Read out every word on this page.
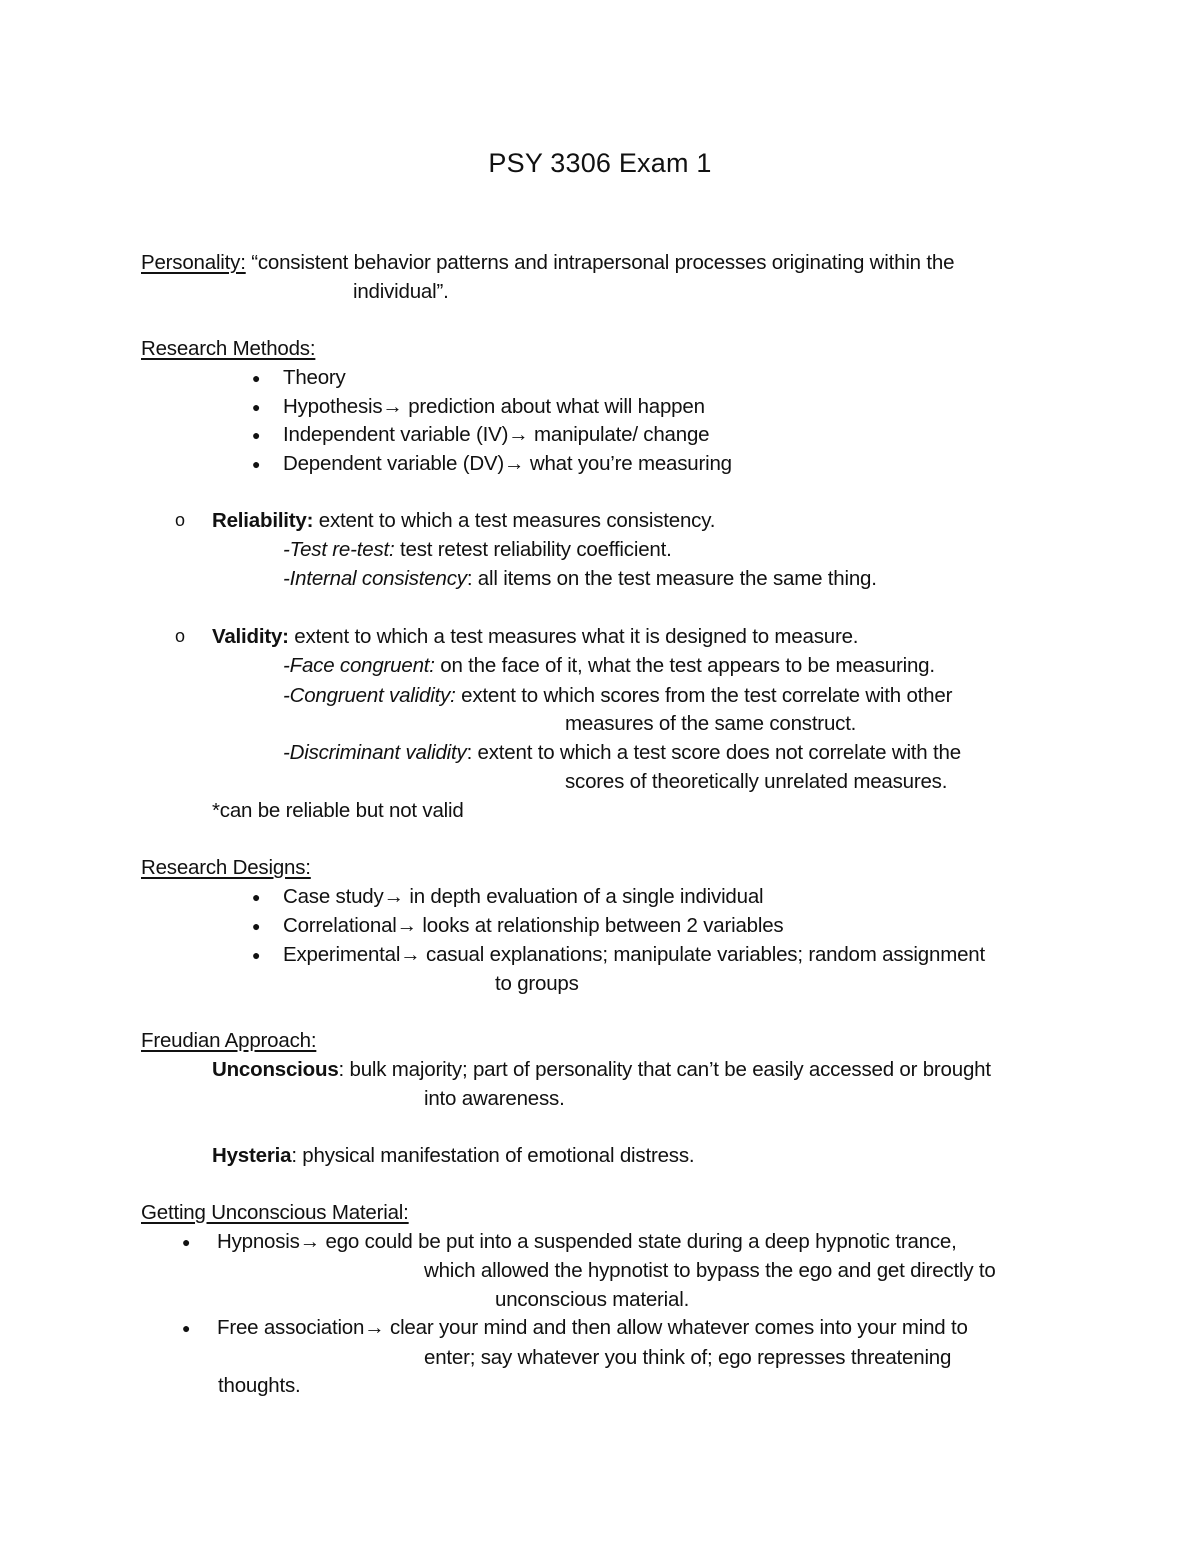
PSY 3306 Exam 1
Personality: “consistent behavior patterns and intrapersonal processes originating within the
individual”.
Research Methods:
● Theory
● Hypothesis→ prediction about what will happen
● Independent variable (IV)→ manipulate/ change
● Dependent variable (DV)→ what you’re measuring
o Reliability: extent to which a test measures consistency.
-Test re-test: test retest reliability coefficient.
-Internal consistency: all items on the test measure the same thing.
o Validity: extent to which a test measures what it is designed to measure.
-Face congruent: on the face of it, what the test appears to be measuring.
-Congruent validity: extent to which scores from the test correlate with other
measures of the same construct.
-Discriminant validity: extent to which a test score does not correlate with the
scores of theoretically unrelated measures.
*can be reliable but not valid
Research Designs:
● Case study→ in depth evaluation of a single individual
● Correlational→ looks at relationship between 2 variables
● Experimental→ casual explanations; manipulate variables; random assignment
to groups
Freudian Approach:
Unconscious: bulk majority; part of personality that can’t be easily accessed or brought
into awareness.
Hysteria: physical manifestation of emotional distress.
Getting Unconscious Material:
● Hypnosis→ ego could be put into a suspended state during a deep hypnotic trance,
which allowed the hypnotist to bypass the ego and get directly to
unconscious material.
● Free association→ clear your mind and then allow whatever comes into your mind to
enter; say whatever you think of; ego represses threatening
thoughts.
